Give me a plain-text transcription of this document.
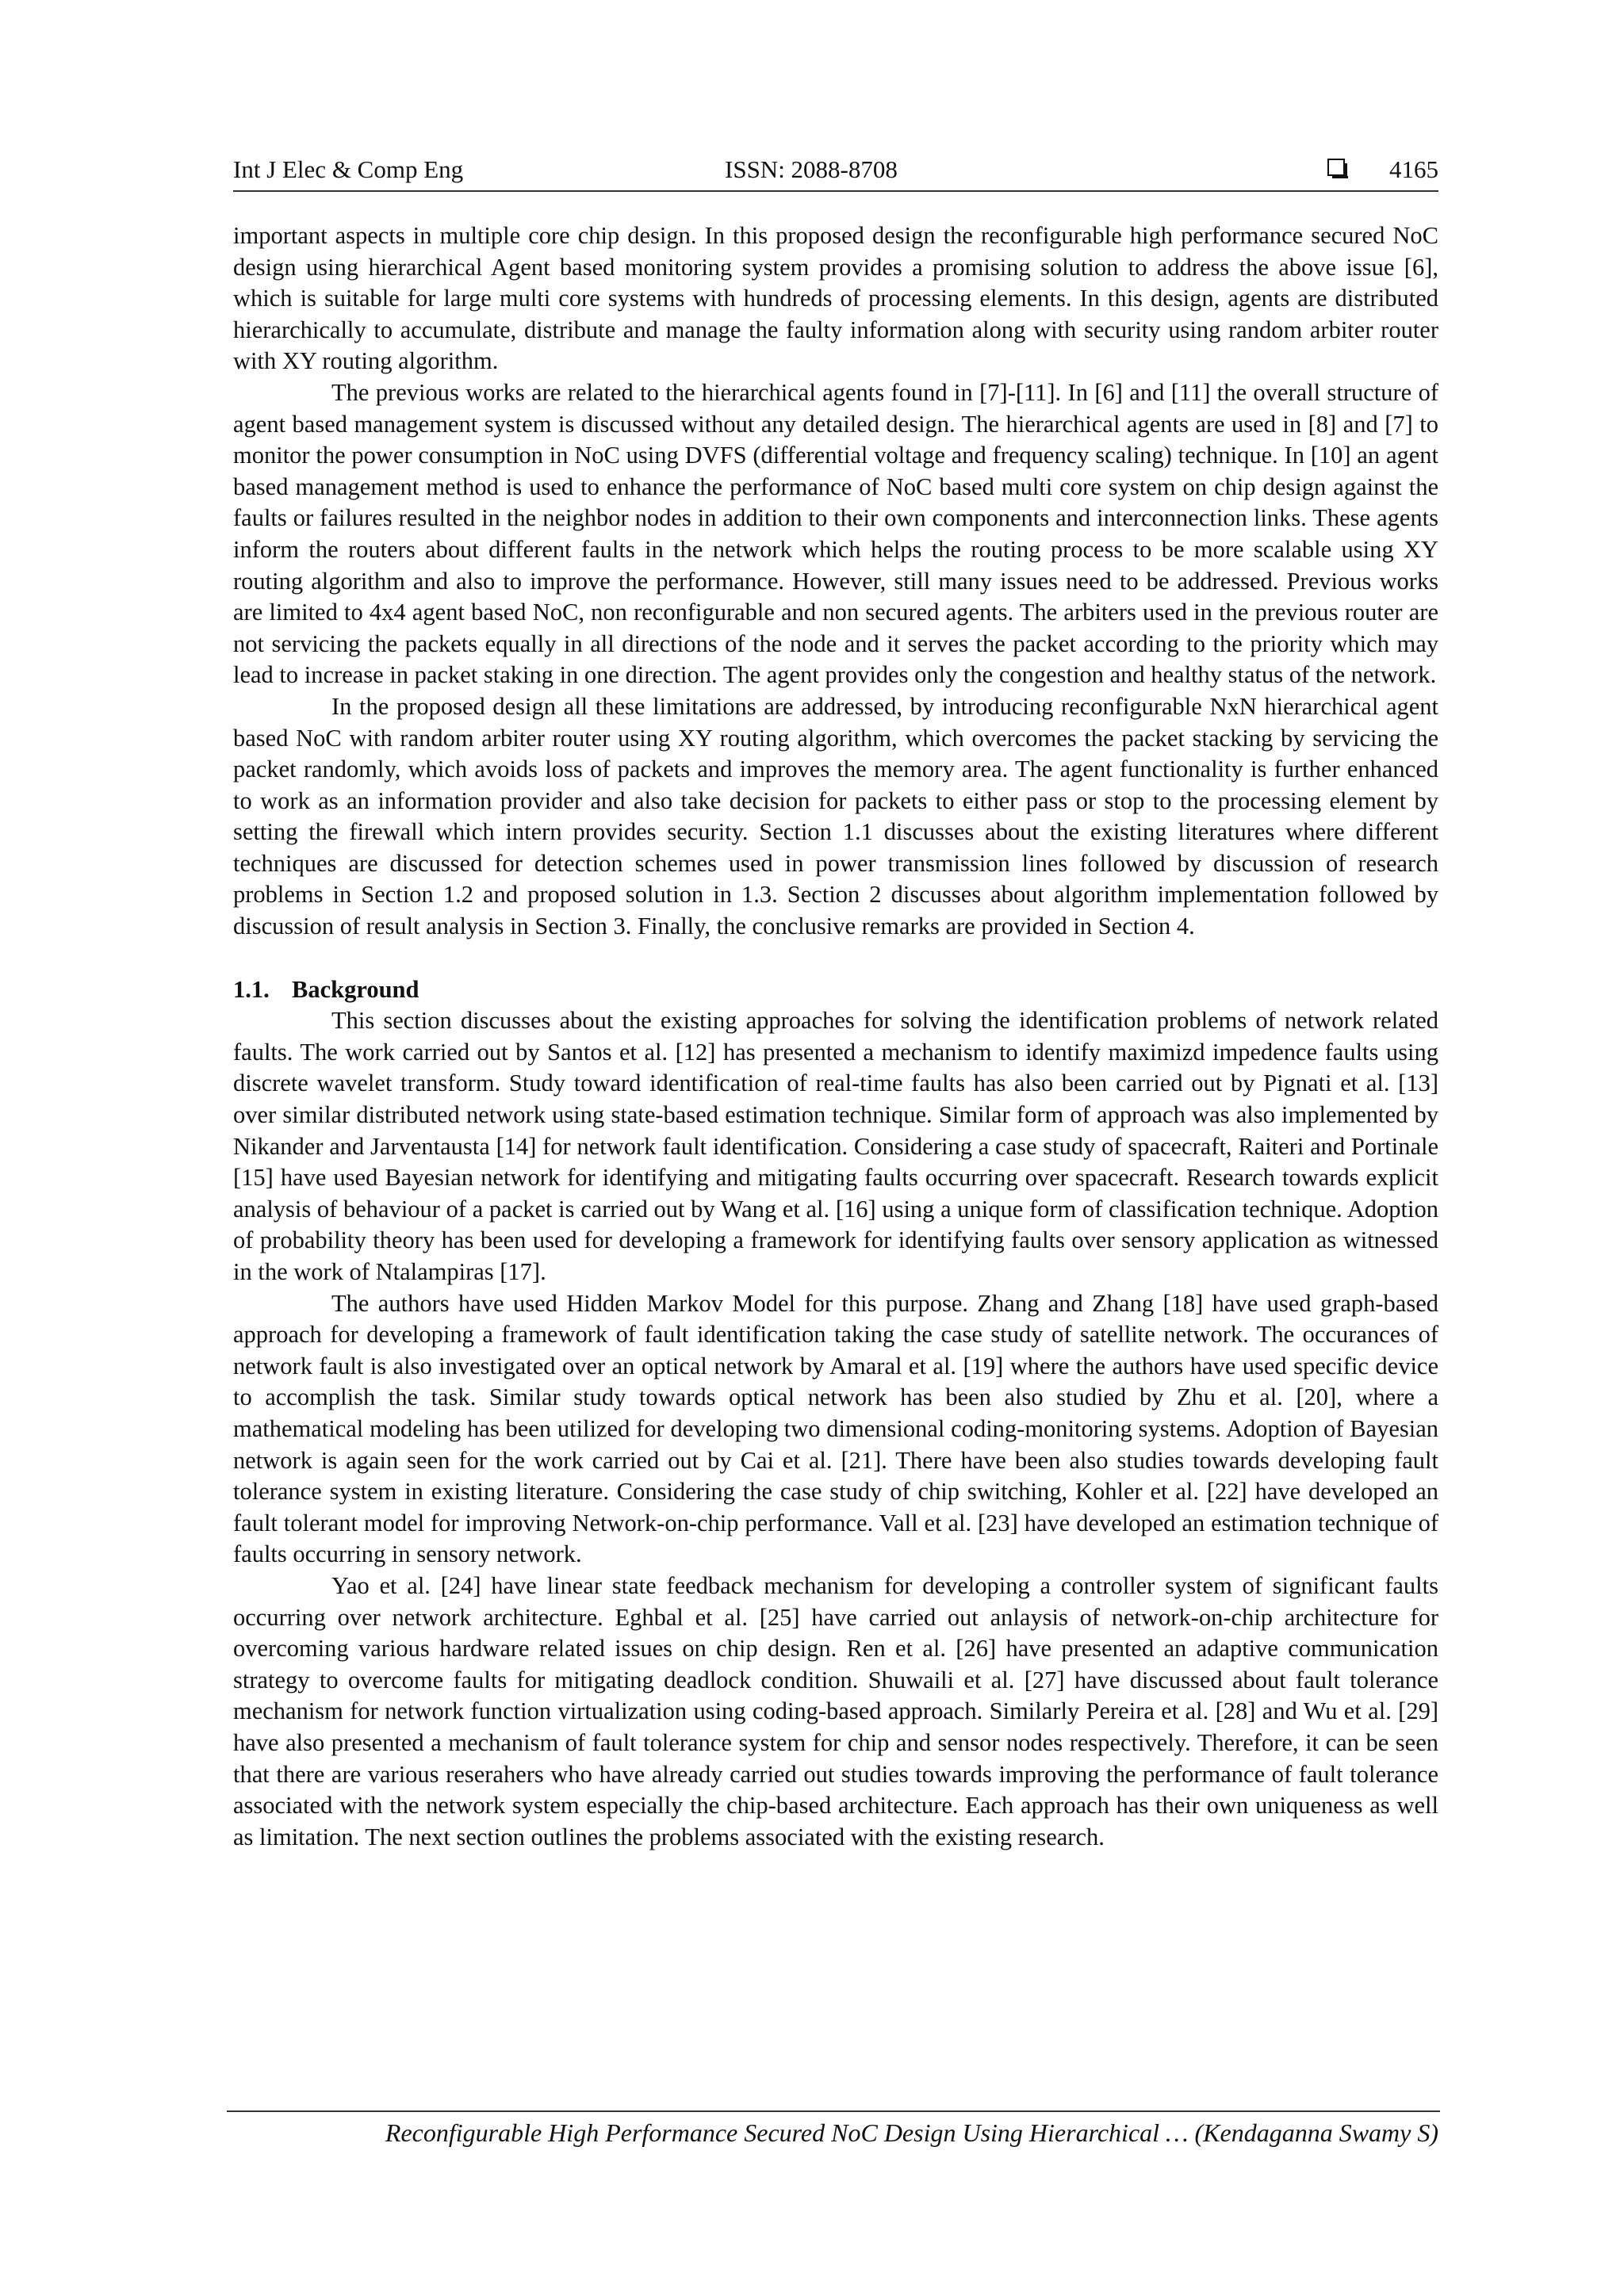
Int J Elec & Comp Eng	ISSN: 2088-8708	4165

important aspects in multiple core chip design. In this proposed design the reconfigurable high performance secured NoC design using hierarchical Agent based monitoring system provides a promising solution to address the above issue [6], which is suitable for large multi core systems with hundreds of processing elements. In this design, agents are distributed hierarchically to accumulate, distribute and manage the faulty information along with security using random arbiter router with XY routing algorithm.

The previous works are related to the hierarchical agents found in [7]-[11]. In [6] and [11] the overall structure of agent based management system is discussed without any detailed design. The hierarchical agents are used in [8] and [7] to monitor the power consumption in NoC using DVFS (differential voltage and frequency scaling) technique. In [10] an agent based management method is used to enhance the performance of NoC based multi core system on chip design against the faults or failures resulted in the neighbor nodes in addition to their own components and interconnection links. These agents inform the routers about different faults in the network which helps the routing process to be more scalable using XY routing algorithm and also to improve the performance. However, still many issues need to be addressed. Previous works are limited to 4x4 agent based NoC, non reconfigurable and non secured agents. The arbiters used in the previous router are not servicing the packets equally in all directions of the node and it serves the packet according to the priority which may lead to increase in packet staking in one direction. The agent provides only the congestion and healthy status of the network.

In the proposed design all these limitations are addressed, by introducing reconfigurable NxN hierarchical agent based NoC with random arbiter router using XY routing algorithm, which overcomes the packet stacking by servicing the packet randomly, which avoids loss of packets and improves the memory area. The agent functionality is further enhanced to work as an information provider and also take decision for packets to either pass or stop to the processing element by setting the firewall which intern provides security. Section 1.1 discusses about the existing literatures where different techniques are discussed for detection schemes used in power transmission lines followed by discussion of research problems in Section 1.2 and proposed solution in 1.3. Section 2 discusses about algorithm implementation followed by discussion of result analysis in Section 3. Finally, the conclusive remarks are provided in Section 4.

1.1. Background

This section discusses about the existing approaches for solving the identification problems of network related faults. The work carried out by Santos et al. [12] has presented a mechanism to identify maximizd impedence faults using discrete wavelet transform. Study toward identification of real-time faults has also been carried out by Pignati et al. [13] over similar distributed network using state-based estimation technique. Similar form of approach was also implemented by Nikander and Jarventausta [14] for network fault identification. Considering a case study of spacecraft, Raiteri and Portinale [15] have used Bayesian network for identifying and mitigating faults occurring over spacecraft. Research towards explicit analysis of behaviour of a packet is carried out by Wang et al. [16] using a unique form of classification technique. Adoption of probability theory has been used for developing a framework for identifying faults over sensory application as witnessed in the work of Ntalampiras [17].

The authors have used Hidden Markov Model for this purpose. Zhang and Zhang [18] have used graph-based approach for developing a framework of fault identification taking the case study of satellite network. The occurances of network fault is also investigated over an optical network by Amaral et al. [19] where the authors have used specific device to accomplish the task. Similar study towards optical network has been also studied by Zhu et al. [20], where a mathematical modeling has been utilized for developing two dimensional coding-monitoring systems. Adoption of Bayesian network is again seen for the work carried out by Cai et al. [21]. There have been also studies towards developing fault tolerance system in existing literature. Considering the case study of chip switching, Kohler et al. [22] have developed an fault tolerant model for improving Network-on-chip performance. Vall et al. [23] have developed an estimation technique of faults occurring in sensory network.

Yao et al. [24] have linear state feedback mechanism for developing a controller system of significant faults occurring over network architecture. Eghbal et al. [25] have carried out anlaysis of network-on-chip architecture for overcoming various hardware related issues on chip design. Ren et al. [26] have presented an adaptive communication strategy to overcome faults for mitigating deadlock condition. Shuwaili et al. [27] have discussed about fault tolerance mechanism for network function virtualization using coding-based approach. Similarly Pereira et al. [28] and Wu et al. [29] have also presented a mechanism of fault tolerance system for chip and sensor nodes respectively. Therefore, it can be seen that there are various reserahers who have already carried out studies towards improving the performance of fault tolerance associated with the network system especially the chip-based architecture. Each approach has their own uniqueness as well as limitation. The next section outlines the problems associated with the existing research.

Reconfigurable High Performance Secured NoC Design Using Hierarchical … (Kendaganna Swamy S)
